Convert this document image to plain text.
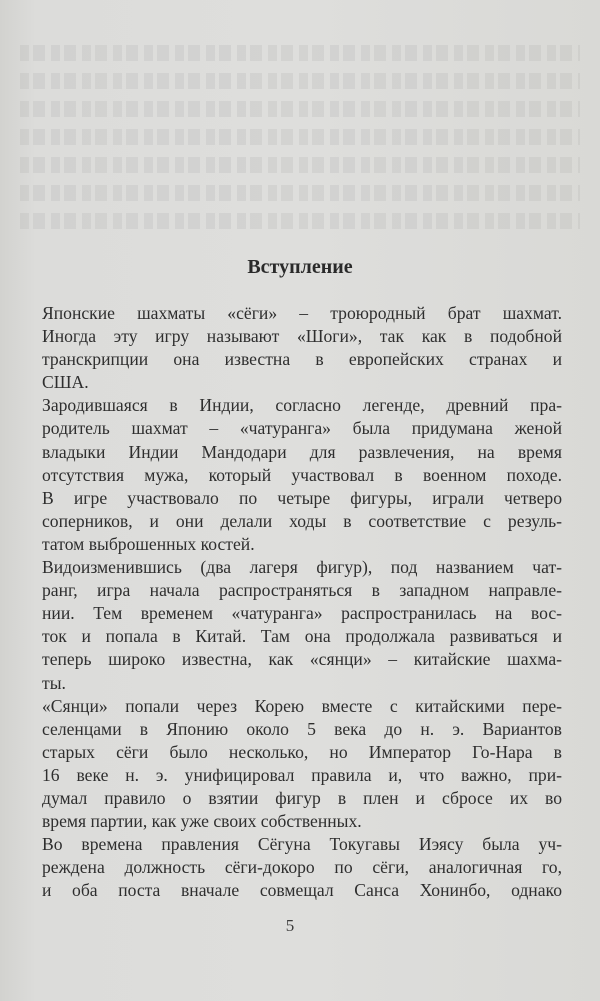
Вступление
Японские шахматы «сёги» – троюродный брат шахмат.
Иногда эту игру называют «Шоги», так как в подобной
транскрипции она известна в европейских странах и
США.
Зародившаяся в Индии, согласно легенде, древний пра-
родитель шахмат – «чатуранга» была придумана женой
владыки Индии Мандодари для развлечения, на время
отсутствия мужа, который участвовал в военном походе.
В игре участвовало по четыре фигуры, играли четверо
соперников, и они делали ходы в соответствие с резуль-
татом выброшенных костей.
Видоизменившись (два лагеря фигур), под названием чат-
ранг, игра начала распространяться в западном направле-
нии. Тем временем «чатуранга» распространилась на вос-
ток и попала в Китай. Там она продолжала развиваться и
теперь широко известна, как «сянци» – китайские шахма-
ты.
«Сянци» попали через Корею вместе с китайскими пере-
селенцами в Японию около 5 века до н. э. Вариантов
старых сёги было несколько, но Император Го-Нара в
16 веке н. э. унифицировал правила и, что важно, при-
думал правило о взятии фигур в плен и сбросе их во
время партии, как уже своих собственных.
Во времена правления Сёгуна Токугавы Иэясу была уч-
реждена должность сёги-докоро по сёги, аналогичная го,
и оба поста вначале совмещал Санса Хонинбо, однако
5
